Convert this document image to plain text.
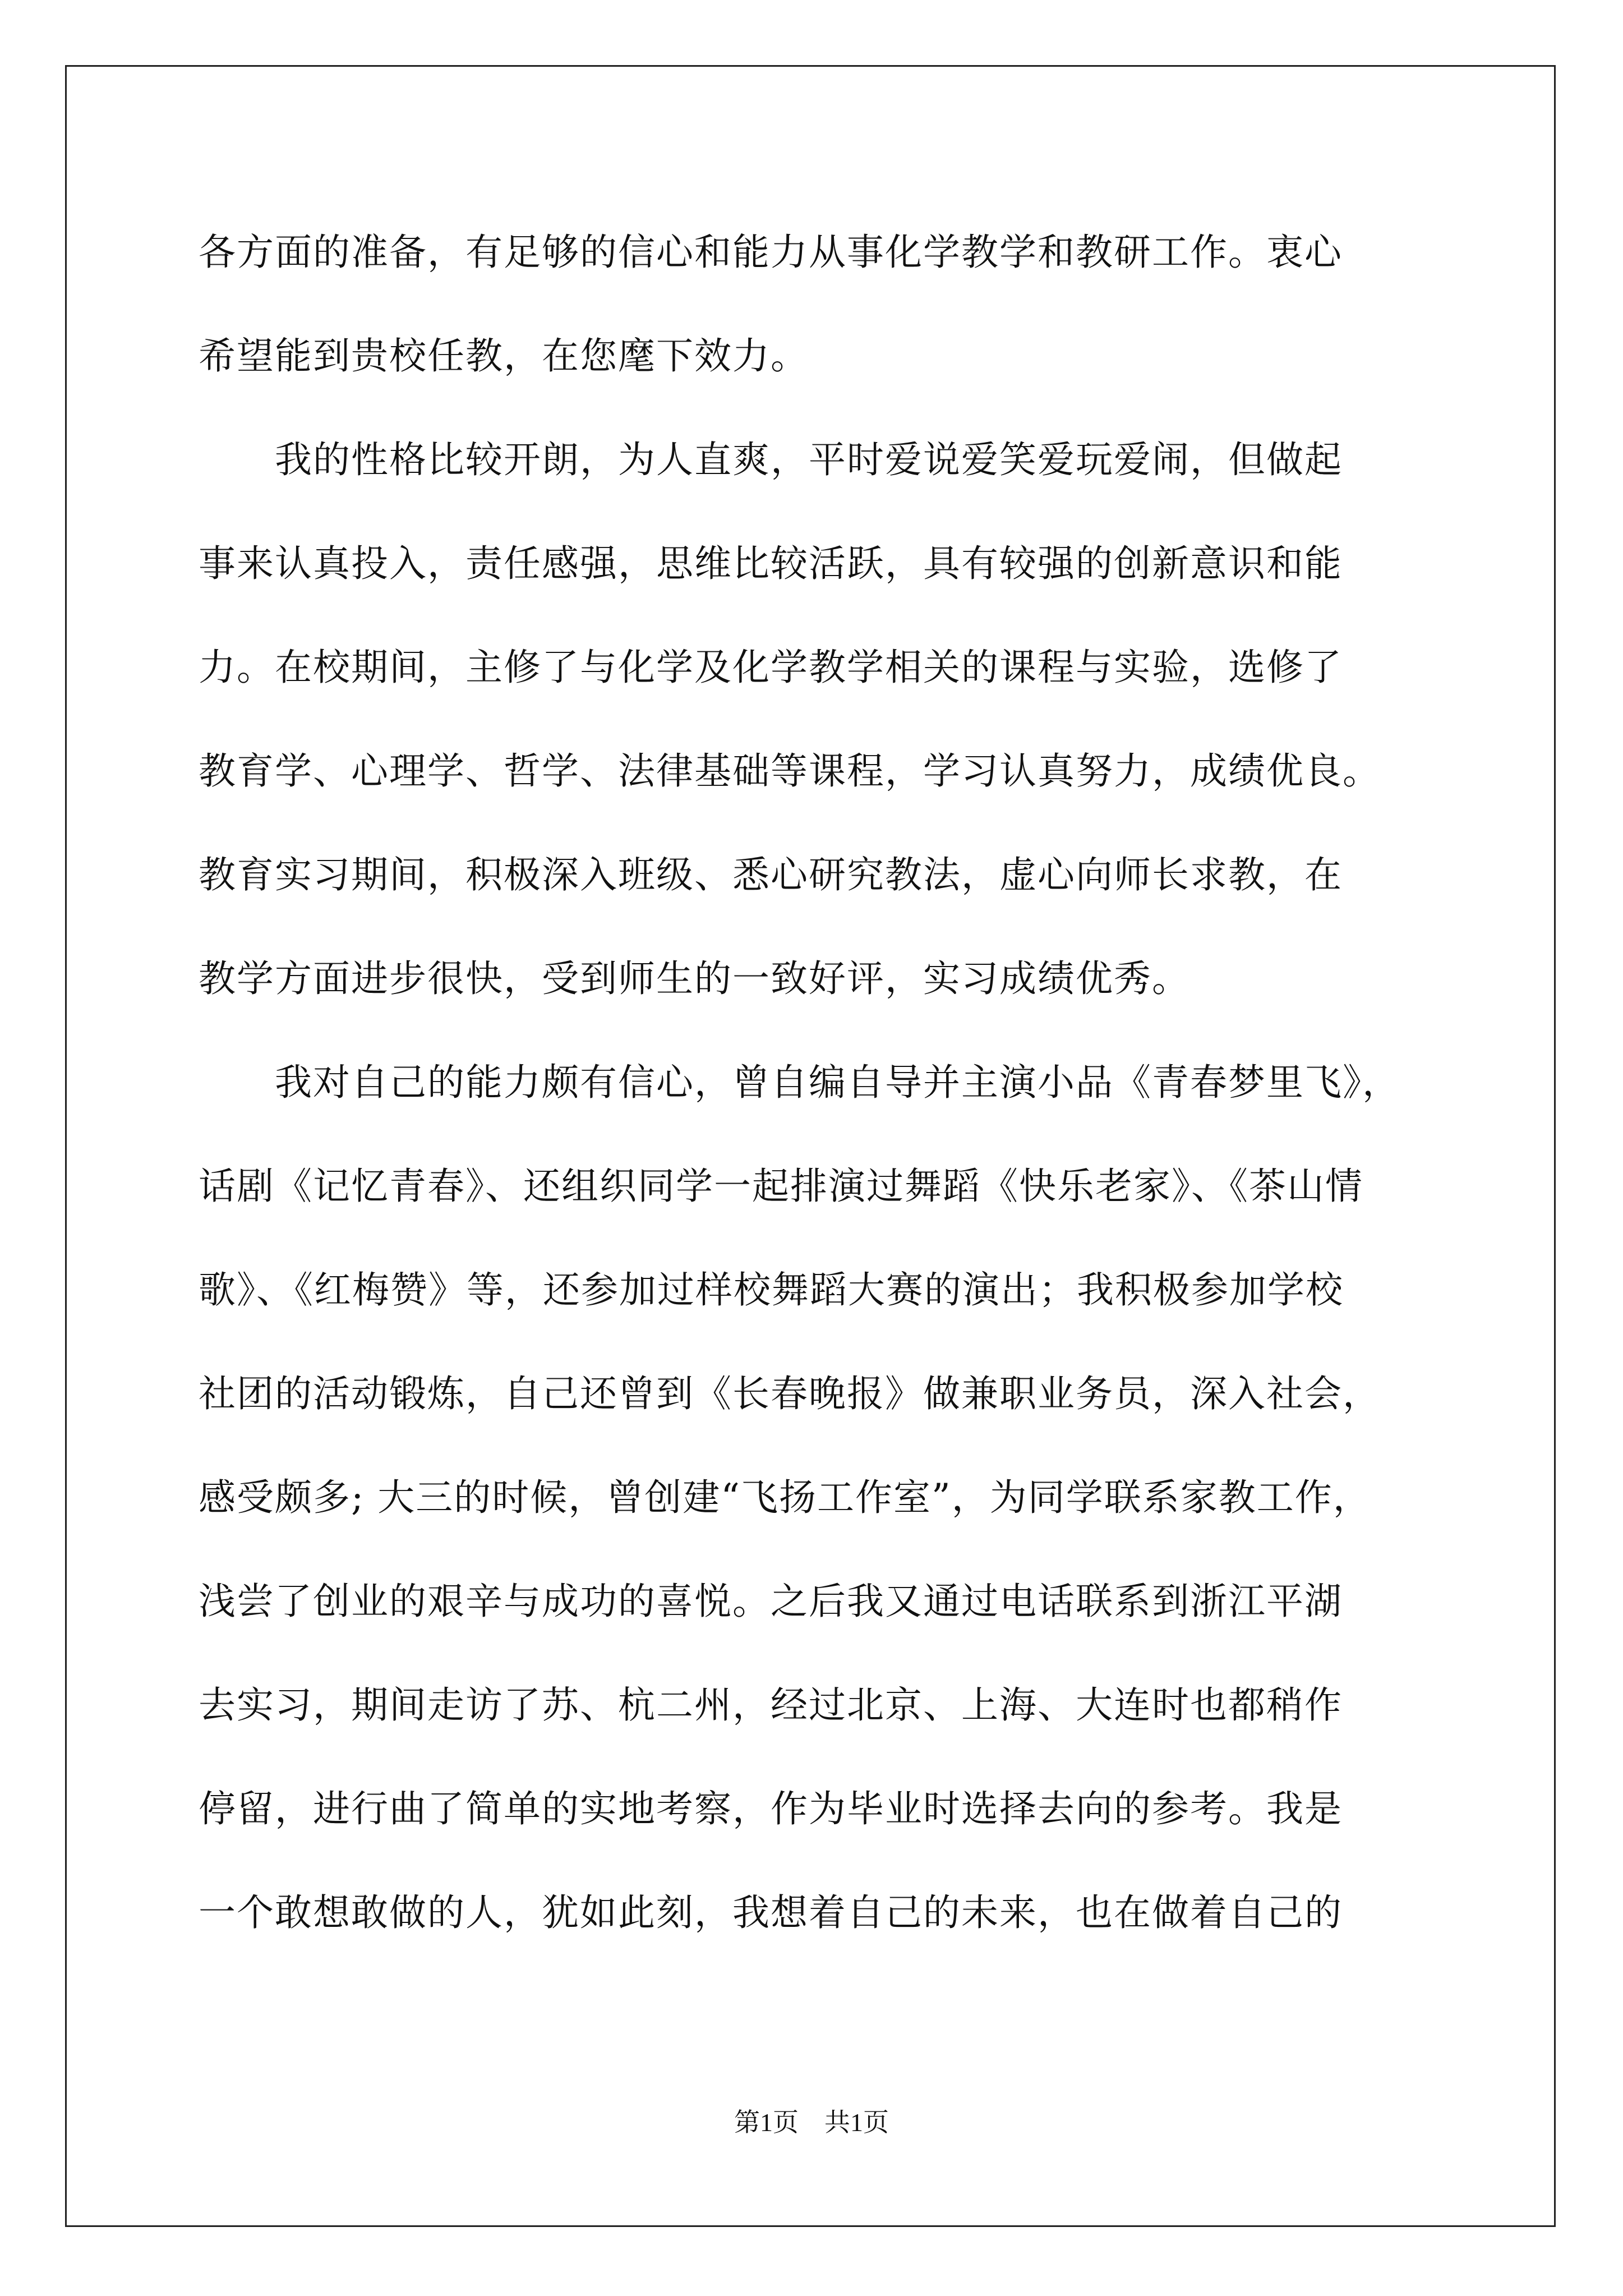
各方面的准备，有足够的信心和能力从事化学教学和教研工作。衷心
希望能到贵校任教，在您麾下效力。
　　我的性格比较开朗，为人直爽，平时爱说爱笑爱玩爱闹，但做起
事来认真投入，责任感强，思维比较活跃，具有较强的创新意识和能
力。在校期间，主修了与化学及化学教学相关的课程与实验，选修了
教育学、心理学、哲学、法律基础等课程，学习认真努力，成绩优良。
教育实习期间，积极深入班级、悉心研究教法，虚心向师长求教，在
教学方面进步很快，受到师生的一致好评，实习成绩优秀。
　　我对自己的能力颇有信心，曾自编自导并主演小品《青春梦里飞》，
话剧《记忆青春》、还组织同学一起排演过舞蹈《快乐老家》、《茶山情
歌》、《红梅赞》等，还参加过样校舞蹈大赛的演出；我积极参加学校
社团的活动锻炼，自己还曾到《长春晚报》做兼职业务员，深入社会，
感受颇多; 大三的时候，曾创建“飞扬工作室”，为同学联系家教工作，
浅尝了创业的艰辛与成功的喜悦。之后我又通过电话联系到浙江平湖
去实习，期间走访了苏、杭二州，经过北京、上海、大连时也都稍作
停留，进行曲了简单的实地考察，作为毕业时选择去向的参考。我是
一个敢想敢做的人，犹如此刻，我想着自己的未来，也在做着自己的
第1页　共1页
